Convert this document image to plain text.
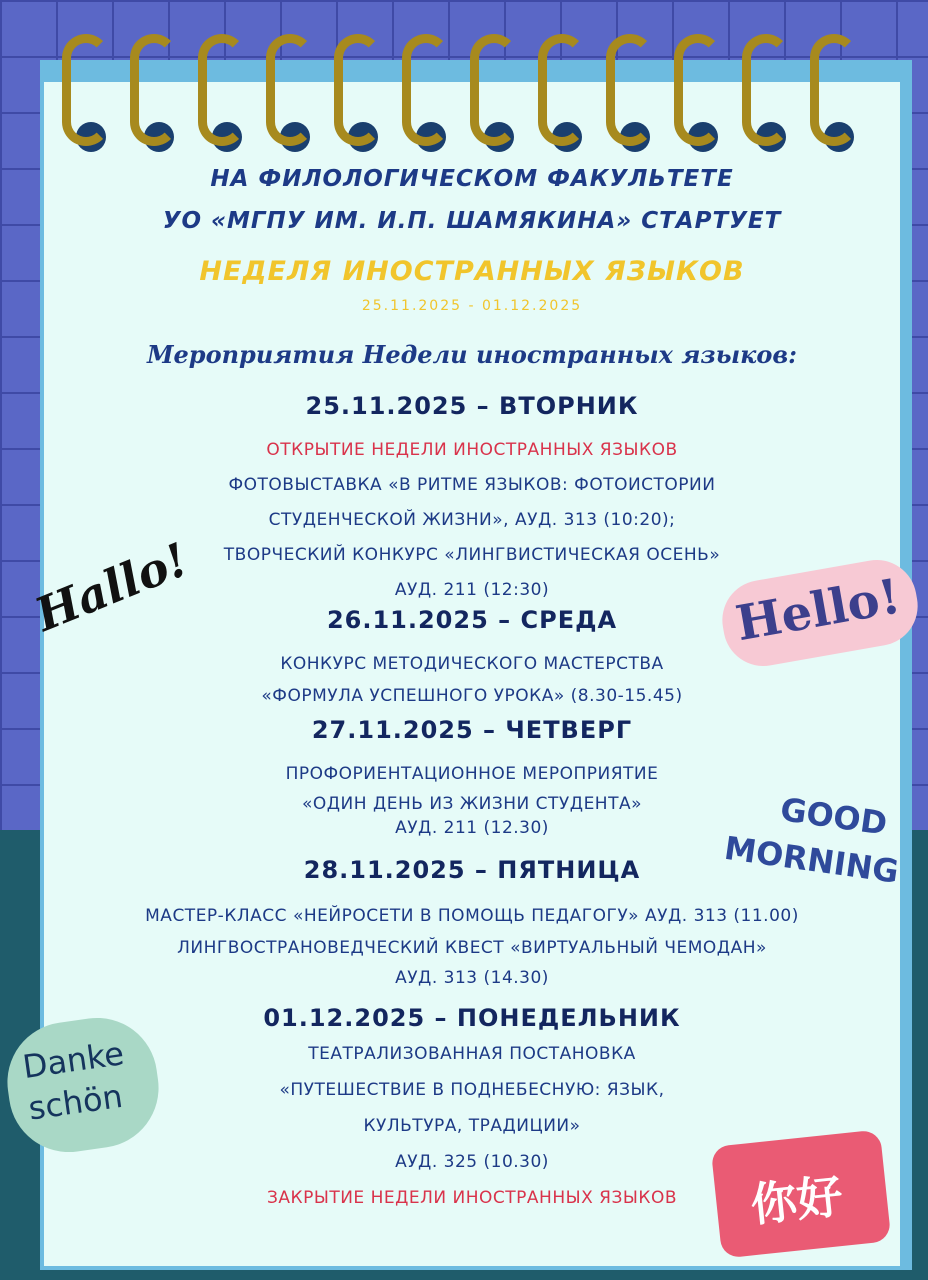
НА ФИЛОЛОГИЧЕСКОМ ФАКУЛЬТЕТЕ
УО «МГПУ ИМ. И.П. ШАМЯКИНА» СТАРТУЕТ
НЕДЕЛЯ ИНОСТРАННЫХ ЯЗЫКОВ
25.11.2025 - 01.12.2025
Мероприятия Недели иностранных языков:
25.11.2025 – ВТОРНИК
ОТКРЫТИЕ НЕДЕЛИ ИНОСТРАННЫХ ЯЗЫКОВ
ФОТОВЫСТАВКА «В РИТМЕ ЯЗЫКОВ: ФОТОИСТОРИИ
СТУДЕНЧЕСКОЙ ЖИЗНИ», АУД. 313 (10:20);
ТВОРЧЕСКИЙ КОНКУРС «ЛИНГВИСТИЧЕСКАЯ ОСЕНЬ»
АУД. 211 (12:30)
26.11.2025 – СРЕДА
КОНКУРС МЕТОДИЧЕСКОГО МАСТЕРСТВА
«ФОРМУЛА УСПЕШНОГО УРОКА» (8.30-15.45)
27.11.2025 – ЧЕТВЕРГ
ПРОФОРИЕНТАЦИОННОЕ МЕРОПРИЯТИЕ
«ОДИН ДЕНЬ ИЗ ЖИЗНИ СТУДЕНТА»
АУД. 211 (12.30)
28.11.2025 – ПЯТНИЦА
МАСТЕР-КЛАСС «НЕЙРОСЕТИ В ПОМОЩЬ ПЕДАГОГУ» АУД. 313 (11.00)
ЛИНГВОСТРАНОВЕДЧЕСКИЙ КВЕСТ «ВИРТУАЛЬНЫЙ ЧЕМОДАН»
АУД. 313 (14.30)
01.12.2025 – ПОНЕДЕЛЬНИК
ТЕАТРАЛИЗОВАННАЯ ПОСТАНОВКА
«ПУТЕШЕСТВИЕ В ПОДНЕБЕСНУЮ: ЯЗЫК,
КУЛЬТУРА, ТРАДИЦИИ»
АУД. 325 (10.30)
ЗАКРЫТИЕ НЕДЕЛИ ИНОСТРАННЫХ ЯЗЫКОВ
Hallo!	Hello!
GOOD
MORNING
Danke
schön
你好
